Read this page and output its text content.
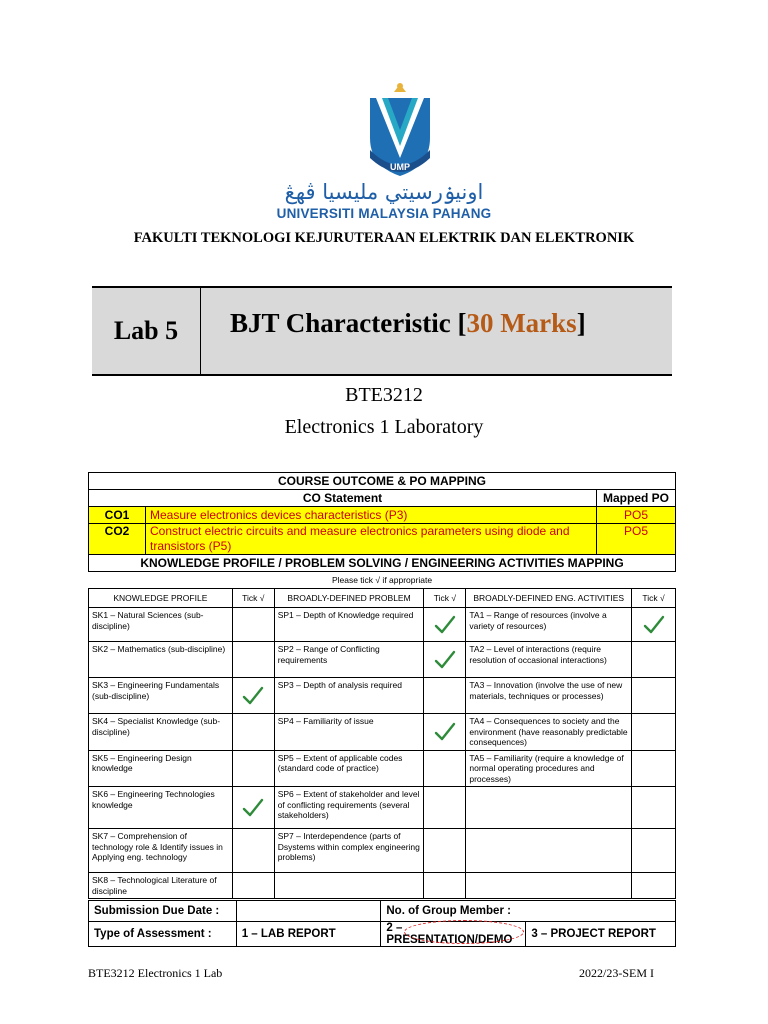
UMP
اونيۏرسيتي مليسيا ڤهڠ
UNIVERSITI MALAYSIA PAHANG
FAKULTI TEKNOLOGI KEJURUTERAAN ELEKTRIK DAN ELEKTRONIK
Lab 5	BJT Characteristic [30 Marks]
BTE3212
Electronics 1 Laboratory
COURSE OUTCOME & PO MAPPING		
CO Statement		Mapped PO
CO1	Measure electronics devices characteristics (P3)	PO5
CO2	Construct electric circuits and measure electronics parameters using diode and transistors (P5)	PO5
KNOWLEDGE PROFILE / PROBLEM SOLVING / ENGINEERING ACTIVITIES MAPPING		
Please tick √ if appropriate
KNOWLEDGE PROFILE	Tick √	BROADLY-DEFINED PROBLEM	Tick √	BROADLY-DEFINED ENG. ACTIVITIES	Tick √
SK1 – Natural Sciences (sub-discipline)		SP1 – Depth of Knowledge required		TA1 – Range of resources (involve a variety of resources)	

SK2 – Mathematics (sub-discipline)		SP2 – Range of Conflicting requirements		TA2 – Level of interactions (require resolution of occasional interactions)	
SK3 – Engineering Fundamentals (sub-discipline)		SP3 – Depth of analysis required		TA3 – Innovation (involve the use of new materials, techniques or processes)	
SK4 – Specialist Knowledge (sub-discipline)		SP4 – Familiarity of issue		TA4 – Consequences to society and the environment (have reasonably predictable consequences)	
SK5 – Engineering Design knowledge		SP5 – Extent of applicable codes (standard code of practice)		TA5 – Familiarity (require a knowledge of normal operating procedures and processes)	
SK6 – Engineering Technologies knowledge		SP6 – Extent of stakeholder and level of conflicting requirements (several stakeholders)			
SK7 – Comprehension of technology role & Identify issues in Applying eng. technology		SP7 – Interdependence (parts of Dsystems within complex engineering problems)			
SK8 – Technological Literature of discipline					
Submission Due Date :		No. of Group Member :	
Type of Assessment :	1 – LAB REPORT	2 – PRESENTATION/DEMO	3 – PROJECT REPORT
BTE3212 Electronics 1 Lab	2022/23-SEM I
